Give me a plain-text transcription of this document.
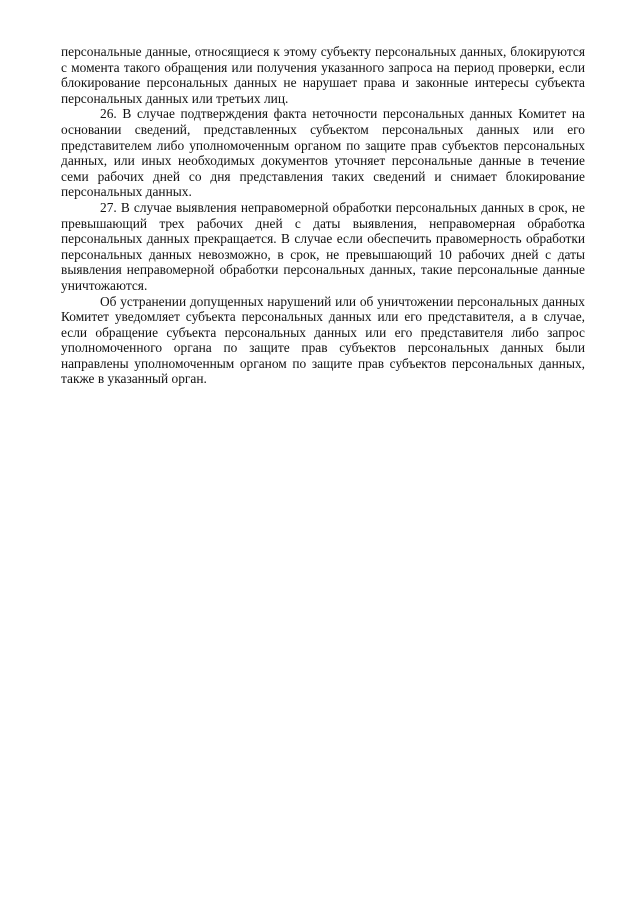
персональные данные, относящиеся к этому субъекту персональных данных, блокируются с момента такого обращения или получения указанного запроса на период проверки, если блокирование персональных данных не нарушает права и законные интересы субъекта персональных данных или третьих лиц.

26. В случае подтверждения факта неточности персональных данных Комитет на основании сведений, представленных субъектом персональных данных или его представителем либо уполномоченным органом по защите прав субъектов персональных данных, или иных необходимых документов уточняет персональные данные в течение семи рабочих дней со дня представления таких сведений и снимает блокирование персональных данных.

27. В случае выявления неправомерной обработки персональных данных в срок, не превышающий трех рабочих дней с даты выявления, неправомерная обработка персональных данных прекращается. В случае если обеспечить правомерность обработки персональных данных невозможно, в срок, не превышающий 10 рабочих дней с даты выявления неправомерной обработки персональных данных, такие персональные данные уничтожаются.

Об устранении допущенных нарушений или об уничтожении персональных данных Комитет уведомляет субъекта персональных данных или его представителя, а в случае, если обращение субъекта персональных данных или его представителя либо запрос уполномоченного органа по защите прав субъектов персональных данных были направлены уполномоченным органом по защите прав субъектов персональных данных, также в указанный орган.
